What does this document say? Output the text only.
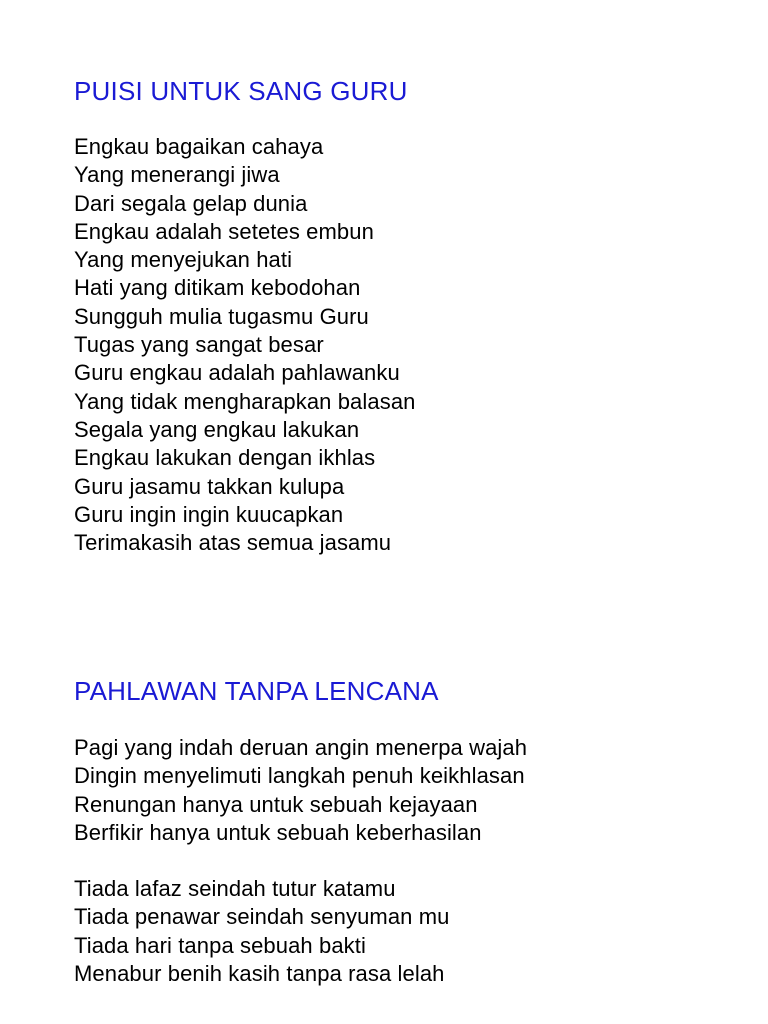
PUISI UNTUK SANG GURU
Engkau bagaikan cahaya
Yang menerangi jiwa
Dari segala gelap dunia
Engkau adalah setetes embun
Yang menyejukan hati
Hati yang ditikam kebodohan
Sungguh mulia tugasmu Guru
Tugas yang sangat besar
Guru engkau adalah pahlawanku
Yang tidak mengharapkan balasan
Segala yang engkau lakukan
Engkau lakukan dengan ikhlas
Guru jasamu takkan kulupa
Guru ingin ingin kuucapkan
Terimakasih atas semua jasamu
PAHLAWAN TANPA LENCANA
Pagi yang indah deruan angin menerpa wajah
Dingin menyelimuti langkah penuh keikhlasan
Renungan hanya untuk sebuah kejayaan
Berfikir hanya untuk sebuah keberhasilan
Tiada lafaz seindah tutur katamu
Tiada penawar seindah senyuman mu
Tiada hari tanpa sebuah bakti
Menabur benih kasih tanpa rasa lelah
